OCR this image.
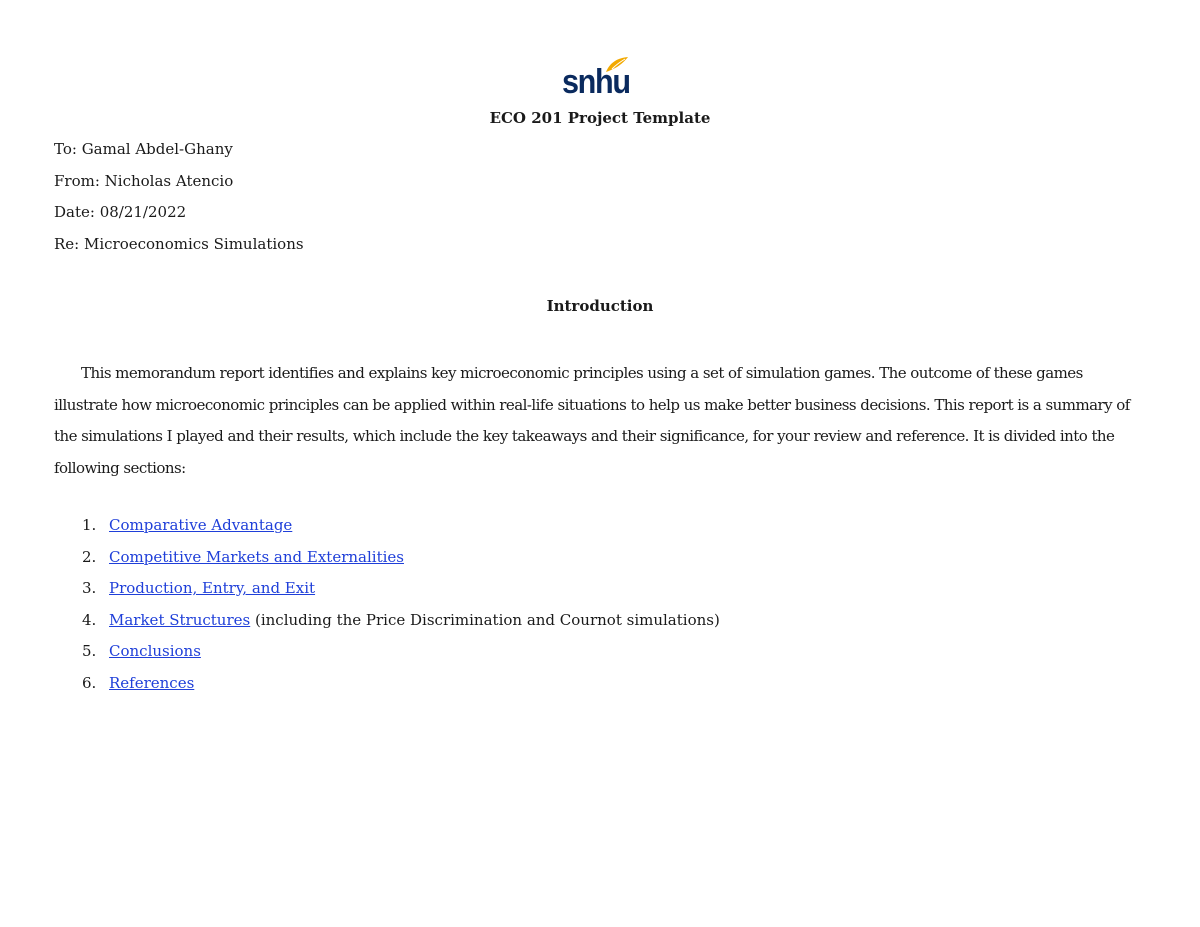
snhu
ECO 201 Project Template
To: Gamal Abdel-Ghany
From: Nicholas Atencio
Date: 08/21/2022
Re: Microeconomics Simulations
Introduction

This memorandum report identifies and explains key microeconomic principles using a set of simulation games. The outcome of these games illustrate how microeconomic principles can be applied within real-life situations to help us make better business decisions. This report is a summary of the simulations I played and their results, which include the key takeaways and their significance, for your review and reference. It is divided into the following sections:

1. Comparative Advantage
2. Competitive Markets and Externalities
3. Production, Entry, and Exit
4. Market Structures (including the Price Discrimination and Cournot simulations)
5. Conclusions
6. References
